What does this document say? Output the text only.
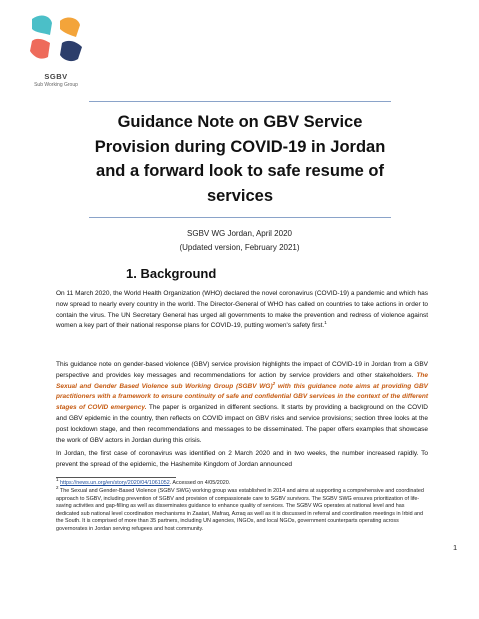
SGBV
Sub Working Group
Guidance Note on GBV Service
Provision during COVID-19 in Jordan
and a forward look to safe resume of
services
SGBV WG Jordan, April 2020
(Updated version, February 2021)
1. Background
On 11 March 2020, the World Health Organization (WHO) declared the novel coronavirus (COVID-19) a pandemic and which has now spread to nearly every country in the world. The Director-General of WHO has called on countries to take actions in order to contain the virus. The UN Secretary General has urged all governments to make the prevention and redress of violence against women a key part of their national response plans for COVID-19, putting women's safety first.$^1$
This guidance note on gender-based violence (GBV) service provision highlights the impact of COVID-19 in Jordan from a GBV perspective and provides key messages and recommendations for action by service providers and other stakeholders. The Sexual and Gender Based Violence sub Working Group (SGBV WG)$^2$ with this guidance note aims at providing GBV practitioners with a framework to ensure continuity of safe and confidential GBV services in the context of the different stages of COVID emergency. The paper is organized in different sections. It starts by providing a background on the COVID and GBV epidemic in the country, then reflects on COVID impact on GBV risks and service provisions; section three looks at the post lockdown stage, and then recommendations and messages to be disseminated. The paper offers examples that showcase the work of GBV actors in Jordan during this crisis.
In Jordan, the first case of coronavirus was identified on 2 March 2020 and in two weeks, the number increased rapidly. To prevent the spread of the epidemic, the Hashemite Kingdom of Jordan announced
$^1$ https://news.un.org/en/story/2020/04/1061052. Accessed on 4/05/2020.
$^2$ The Sexual and Gender-Based Violence (SGBV SWG) working group was established in 2014 and aims at supporting a comprehensive and coordinated approach to SGBV, including prevention of SGBV and provision of compassionate care to SGBV survivors. The SGBV SWG ensures prioritization of life-saving activities and gap-filling as well as disseminates guidance to enhance quality of services. The SGBV WG operates at national level and has dedicated sub national level coordination mechanisms in Zaatari, Mafraq, Azraq as well as it is discussed in referral and coordination meetings in Irbid and the South. It is comprised of more than 35 partners, including UN agencies, INGOs, and local NGOs, government counterparts operating across governorates in Jordan serving refugees and host community.
1
